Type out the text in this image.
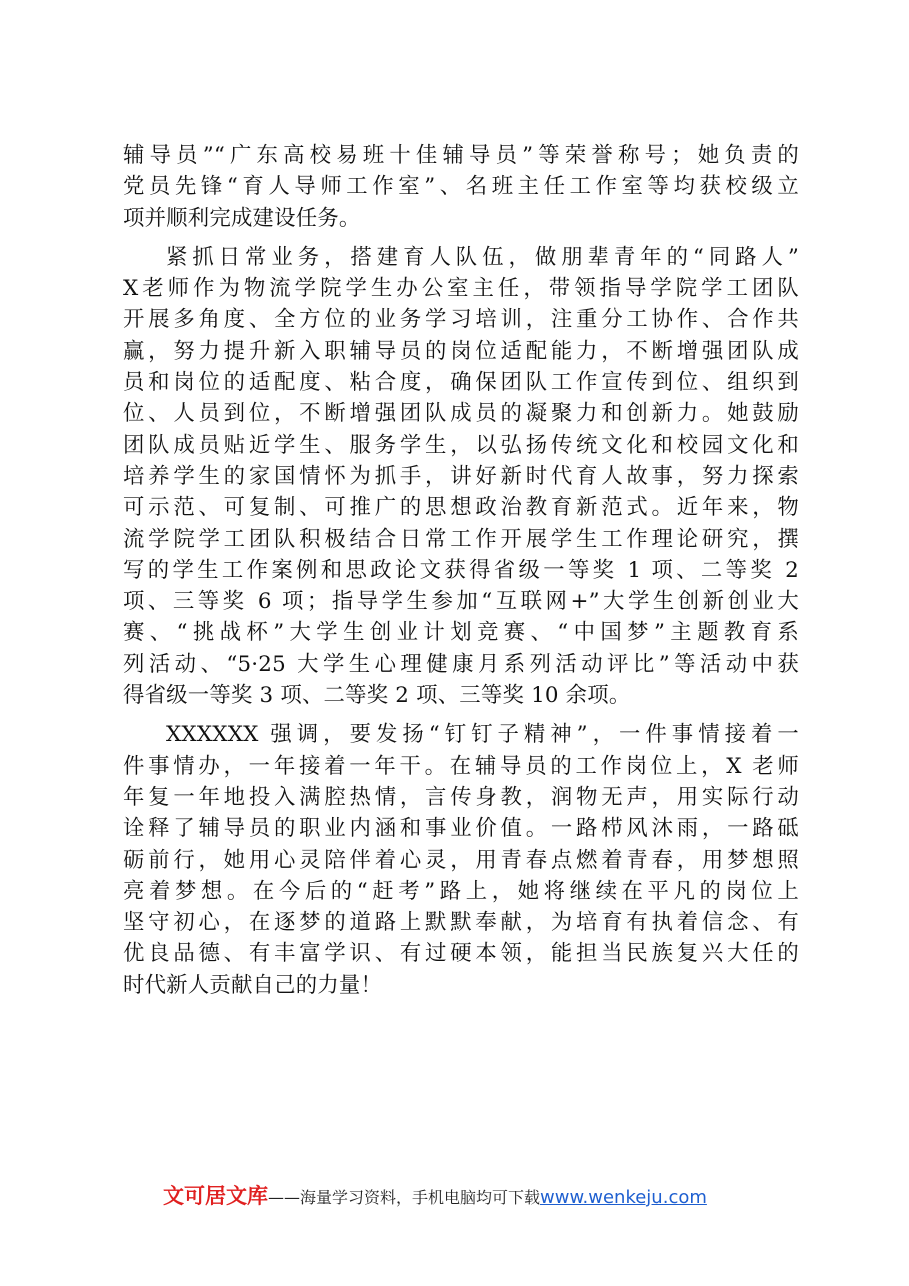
辅导员”“广东高校易班十佳辅导员”等荣誉称号；她负责的
党员先锋“育人导师工作室”、名班主任工作室等均获校级立
项并顺利完成建设任务。
紧抓日常业务，搭建育人队伍，做朋辈青年的“同路人”
X老师作为物流学院学生办公室主任，带领指导学院学工团队
开展多角度、全方位的业务学习培训，注重分工协作、合作共
赢，努力提升新入职辅导员的岗位适配能力，不断增强团队成
员和岗位的适配度、粘合度，确保团队工作宣传到位、组织到
位、人员到位，不断增强团队成员的凝聚力和创新力。她鼓励
团队成员贴近学生、服务学生，以弘扬传统文化和校园文化和
培养学生的家国情怀为抓手，讲好新时代育人故事，努力探索
可示范、可复制、可推广的思想政治教育新范式。近年来，物
流学院学工团队积极结合日常工作开展学生工作理论研究，撰
写的学生工作案例和思政论文获得省级一等奖 1 项、二等奖 2
项、三等奖 6 项；指导学生参加“互联网+”大学生创新创业大
赛、“挑战杯”大学生创业计划竞赛、“中国梦”主题教育系
列活动、“5·25 大学生心理健康月系列活动评比”等活动中获
得省级一等奖 3 项、二等奖 2 项、三等奖 10 余项。
XXXXXX 强调，要发扬“钉钉子精神”，一件事情接着一
件事情办，一年接着一年干。在辅导员的工作岗位上，X 老师
年复一年地投入满腔热情，言传身教，润物无声，用实际行动
诠释了辅导员的职业内涵和事业价值。一路栉风沐雨，一路砥
砺前行，她用心灵陪伴着心灵，用青春点燃着青春，用梦想照
亮着梦想。在今后的“赶考”路上，她将继续在平凡的岗位上
坚守初心，在逐梦的道路上默默奉献，为培育有执着信念、有
优良品德、有丰富学识、有过硬本领，能担当民族复兴大任的
时代新人贡献自己的力量！
文可居文库——海量学习资料，手机电脑均可下载www.wenkeju.com
